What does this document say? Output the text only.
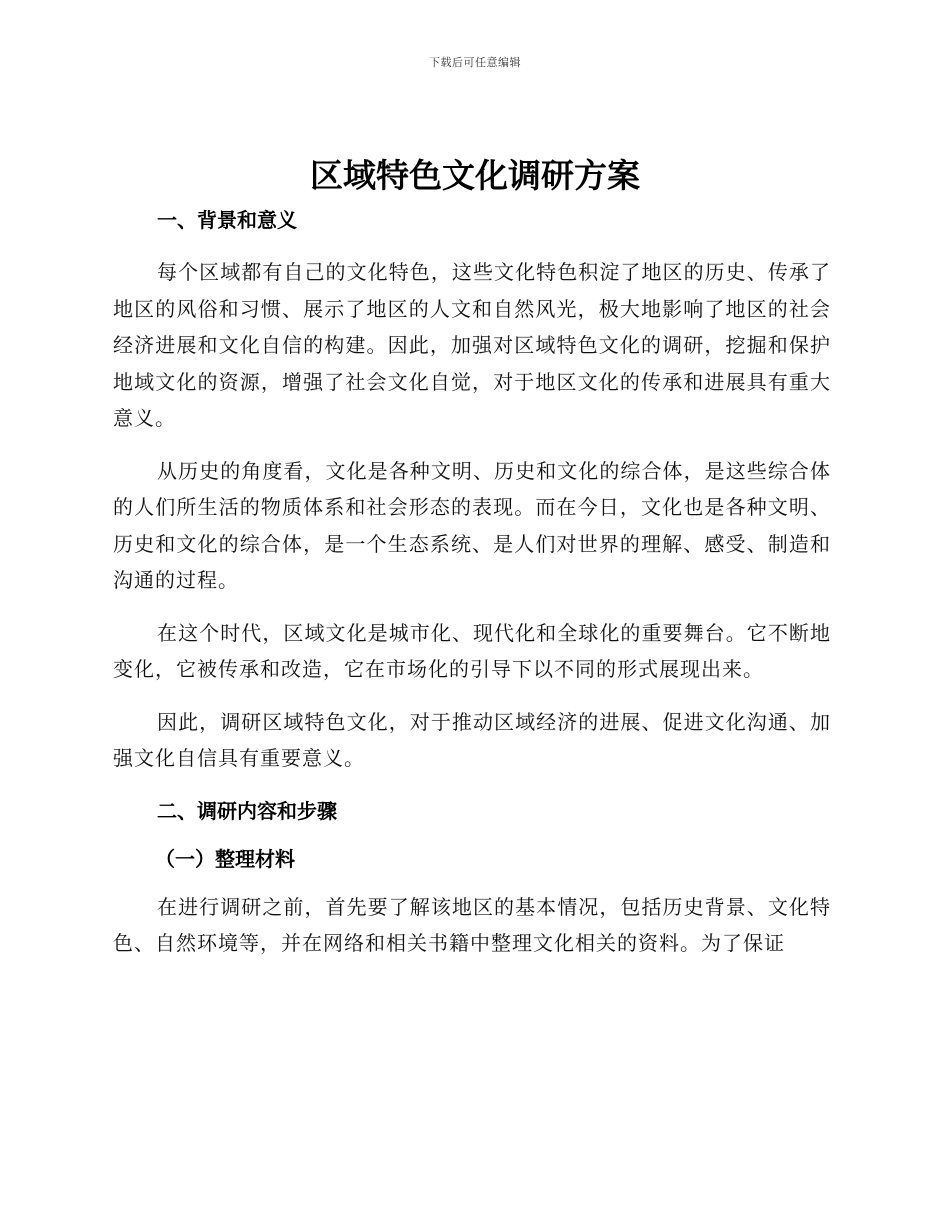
下载后可任意编辑
区域特色文化调研方案
一、背景和意义

每个区域都有自己的文化特色，这些文化特色积淀了地区的历史、传承了地区的风俗和习惯、展示了地区的人文和自然风光，极大地影响了地区的社会经济进展和文化自信的构建。因此，加强对区域特色文化的调研，挖掘和保护地域文化的资源，增强了社会文化自觉，对于地区文化的传承和进展具有重大意义。

从历史的角度看，文化是各种文明、历史和文化的综合体，是这些综合体的人们所生活的物质体系和社会形态的表现。而在今日，文化也是各种文明、历史和文化的综合体，是一个生态系统、是人们对世界的理解、感受、制造和沟通的过程。

在这个时代，区域文化是城市化、现代化和全球化的重要舞台。它不断地变化，它被传承和改造，它在市场化的引导下以不同的形式展现出来。

因此，调研区域特色文化，对于推动区域经济的进展、促进文化沟通、加强文化自信具有重要意义。

二、调研内容和步骤
（一）整理材料

在进行调研之前，首先要了解该地区的基本情况，包括历史背景、文化特色、自然环境等，并在网络和相关书籍中整理文化相关的资料。为了保证
